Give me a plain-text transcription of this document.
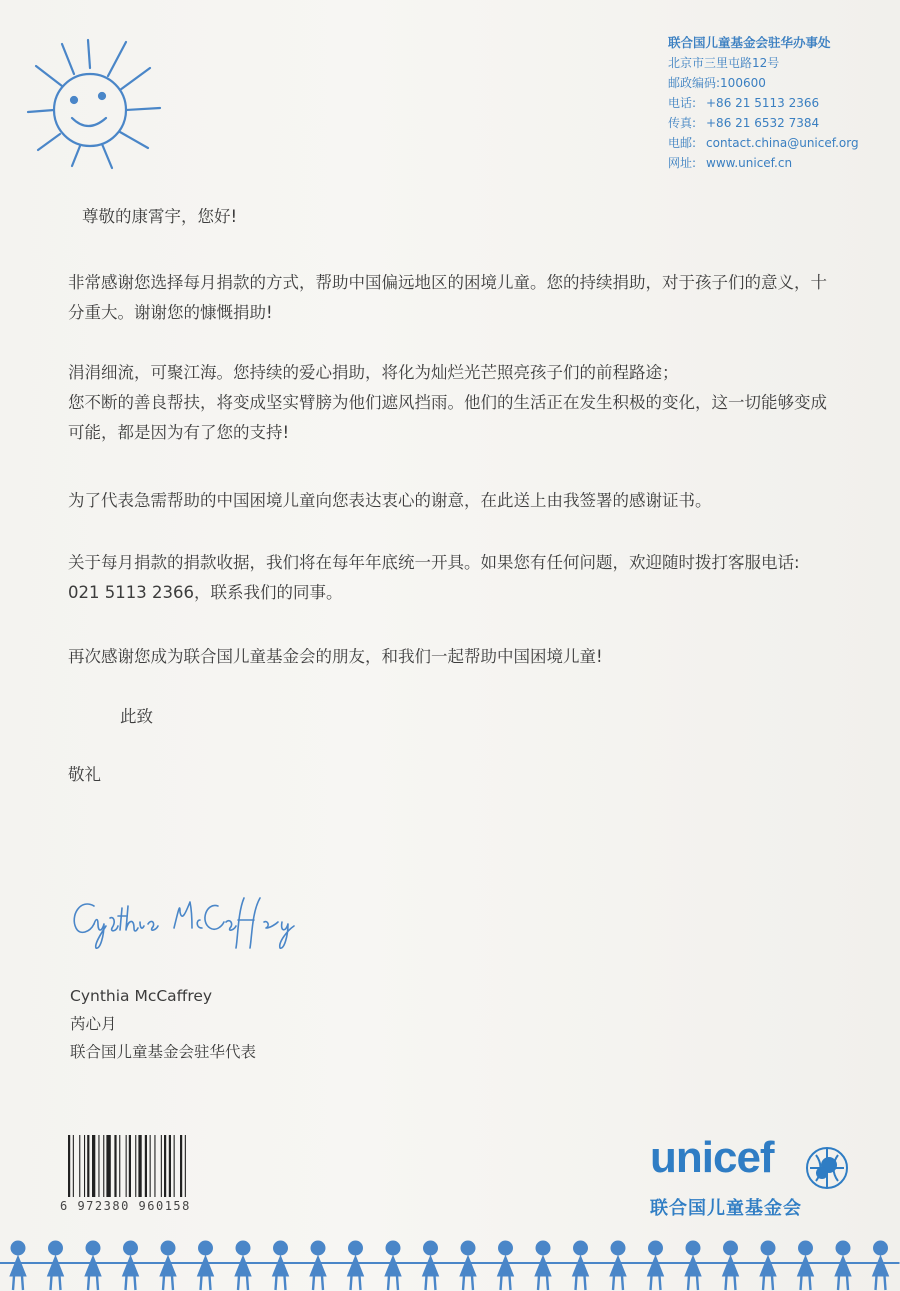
联合国儿童基金会驻华办事处
北京市三里屯路12号
邮政编码:100600
电话: +86 21 5113 2366
传真: +86 21 6532 7384
电邮: contact.china@unicef.org
网址: www.unicef.cn
尊敬的康霄宇，您好!
非常感谢您选择每月捐款的方式，帮助中国偏远地区的困境儿童。您的持续捐助，对于孩子们的意义，十分重大。谢谢您的慷慨捐助!
涓涓细流，可聚江海。您持续的爱心捐助，将化为灿烂光芒照亮孩子们的前程路途；
您不断的善良帮扶，将变成坚实臂膀为他们遮风挡雨。他们的生活正在发生积极的变化，这一切能够变成可能，都是因为有了您的支持!
为了代表急需帮助的中国困境儿童向您表达衷心的谢意，在此送上由我签署的感谢证书。
关于每月捐款的捐款收据，我们将在每年年底统一开具。如果您有任何问题，欢迎随时拨打客服电话: 021 5113 2366，联系我们的同事。
再次感谢您成为联合国儿童基金会的朋友，和我们一起帮助中国困境儿童!
此致
敬礼
Cynthia McCaffrey
芮心月
联合国儿童基金会驻华代表
6 972380 960158
unicef
联合国儿童基金会
